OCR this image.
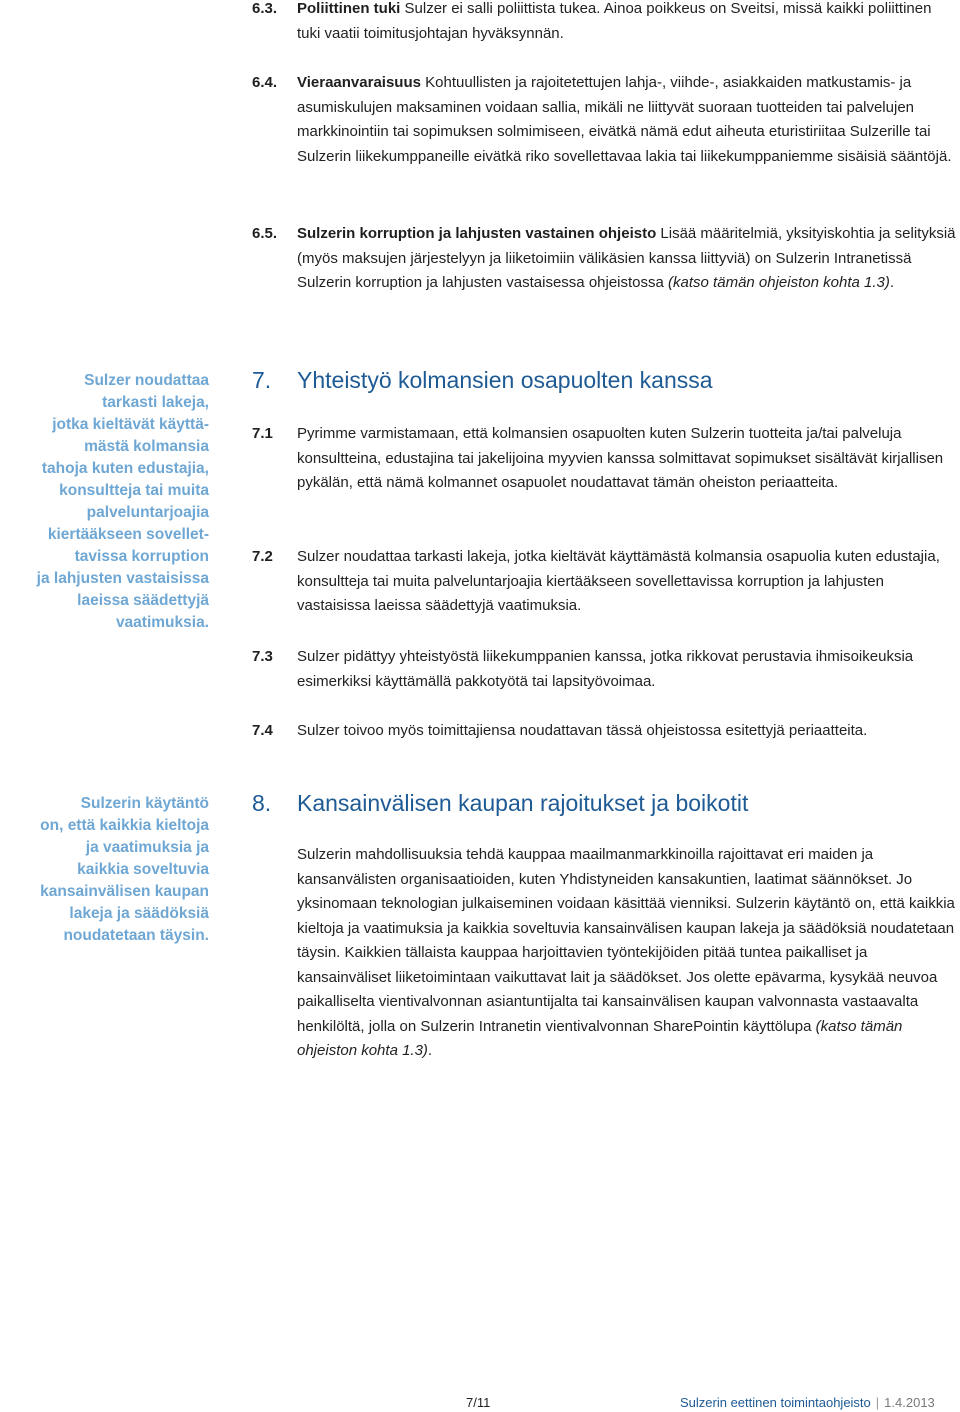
6.3. Poliittinen tuki Sulzer ei salli poliittista tukea. Ainoa poikkeus on Sveitsi, missä kaikki poliittinen tuki vaatii toimitusjohtajan hyväksynnän.
6.4. Vieraanvaraisuus Kohtuullisten ja rajoitetettujen lahja-, viihde-, asiakkaiden matkustamis- ja asumiskulujen maksaminen voidaan sallia, mikäli ne liittyvät suoraan tuotteiden tai palvelujen markkinointiin tai sopimuksen solmimiseen, eivätkä nämä edut aiheuta eturistiriitaa Sulzerille tai Sulzerin liikekumppaneille eivätkä riko sovellettavaa lakia tai liikekumppaniemme sisäisiä sääntöjä.
6.5. Sulzerin korruption ja lahjusten vastainen ohjeisto Lisää määritelmiä, yksityiskohtia ja selityksiä (myös maksujen järjestelyyn ja liiketoimiin välikäsien kanssa liittyviä) on Sulzerin Intranetissä Sulzerin korruption ja lahjusten vastaisessa ohjeistossa (katso tämän ohjeiston kohta 1.3).
Sulzer noudattaa
tarkasti lakeja,
jotka kieltävät käyttä-
mästä kolmansia
tahoja kuten edustajia,
konsultteja tai muita
palveluntarjoajia
kiertääkseen sovellet-
tavissa korruption
ja lahjusten vastaisissa
laeissa säädettyjä
vaatimuksia.
7. Yhteistyö kolmansien osapuolten kanssa
7.1 Pyrimme varmistamaan, että kolmansien osapuolten kuten Sulzerin tuotteita ja/tai palveluja konsultteina, edustajina tai jakelijoina myyvien kanssa solmittavat sopimukset sisältävät kirjallisen pykälän, että nämä kolmannet osapuolet noudattavat tämän oheiston periaatteita.
7.2 Sulzer noudattaa tarkasti lakeja, jotka kieltävät käyttämästä kolmansia osapuolia kuten edustajia, konsultteja tai muita palveluntarjoajia kiertääkseen sovellettavissa korruption ja lahjusten vastaisissa laeissa säädettyjä vaatimuksia.
7.3 Sulzer pidättyy yhteistyöstä liikekumppanien kanssa, jotka rikkovat perustavia ihmisoikeuksia esimerkiksi käyttämällä pakkotyötä tai lapsityövoimaa.
7.4 Sulzer toivoo myös toimittajiensa noudattavan tässä ohjeistossa esitettyjä periaatteita.
Sulzerin käytäntö
on, että kaikkia kieltoja
ja vaatimuksia ja
kaikkia soveltuvia
kansainvälisen kaupan
lakeja ja säädöksiä
noudatetaan täysin.
8. Kansainvälisen kaupan rajoitukset ja boikotit
Sulzerin mahdollisuuksia tehdä kauppaa maailmanmarkkinoilla rajoittavat eri maiden ja kansanvälisten organisaatioiden, kuten Yhdistyneiden kansakuntien, laatimat säännökset. Jo yksinomaan teknologian julkaiseminen voidaan käsittää vienniksi. Sulzerin käytäntö on, että kaikkia kieltoja ja vaatimuksia ja kaikkia soveltuvia kansainvälisen kaupan lakeja ja säädöksiä noudatetaan täysin. Kaikkien tällaista kauppaa harjoittavien työntekijöiden pitää tuntea paikalliset ja kansainväliset liiketoimintaan vaikuttavat lait ja säädökset. Jos olette epävarma, kysykää neuvoa paikalliselta vientivalvonnan asiantuntijalta tai kansainvälisen kaupan valvonnasta vastaavalta henkilöltä, jolla on Sulzerin Intranetin vientivalvonnan SharePointin käyttölupa (katso tämän ohjeiston kohta 1.3).
7/11	Sulzerin eettinen toimintaohjeisto | 1.4.2013
